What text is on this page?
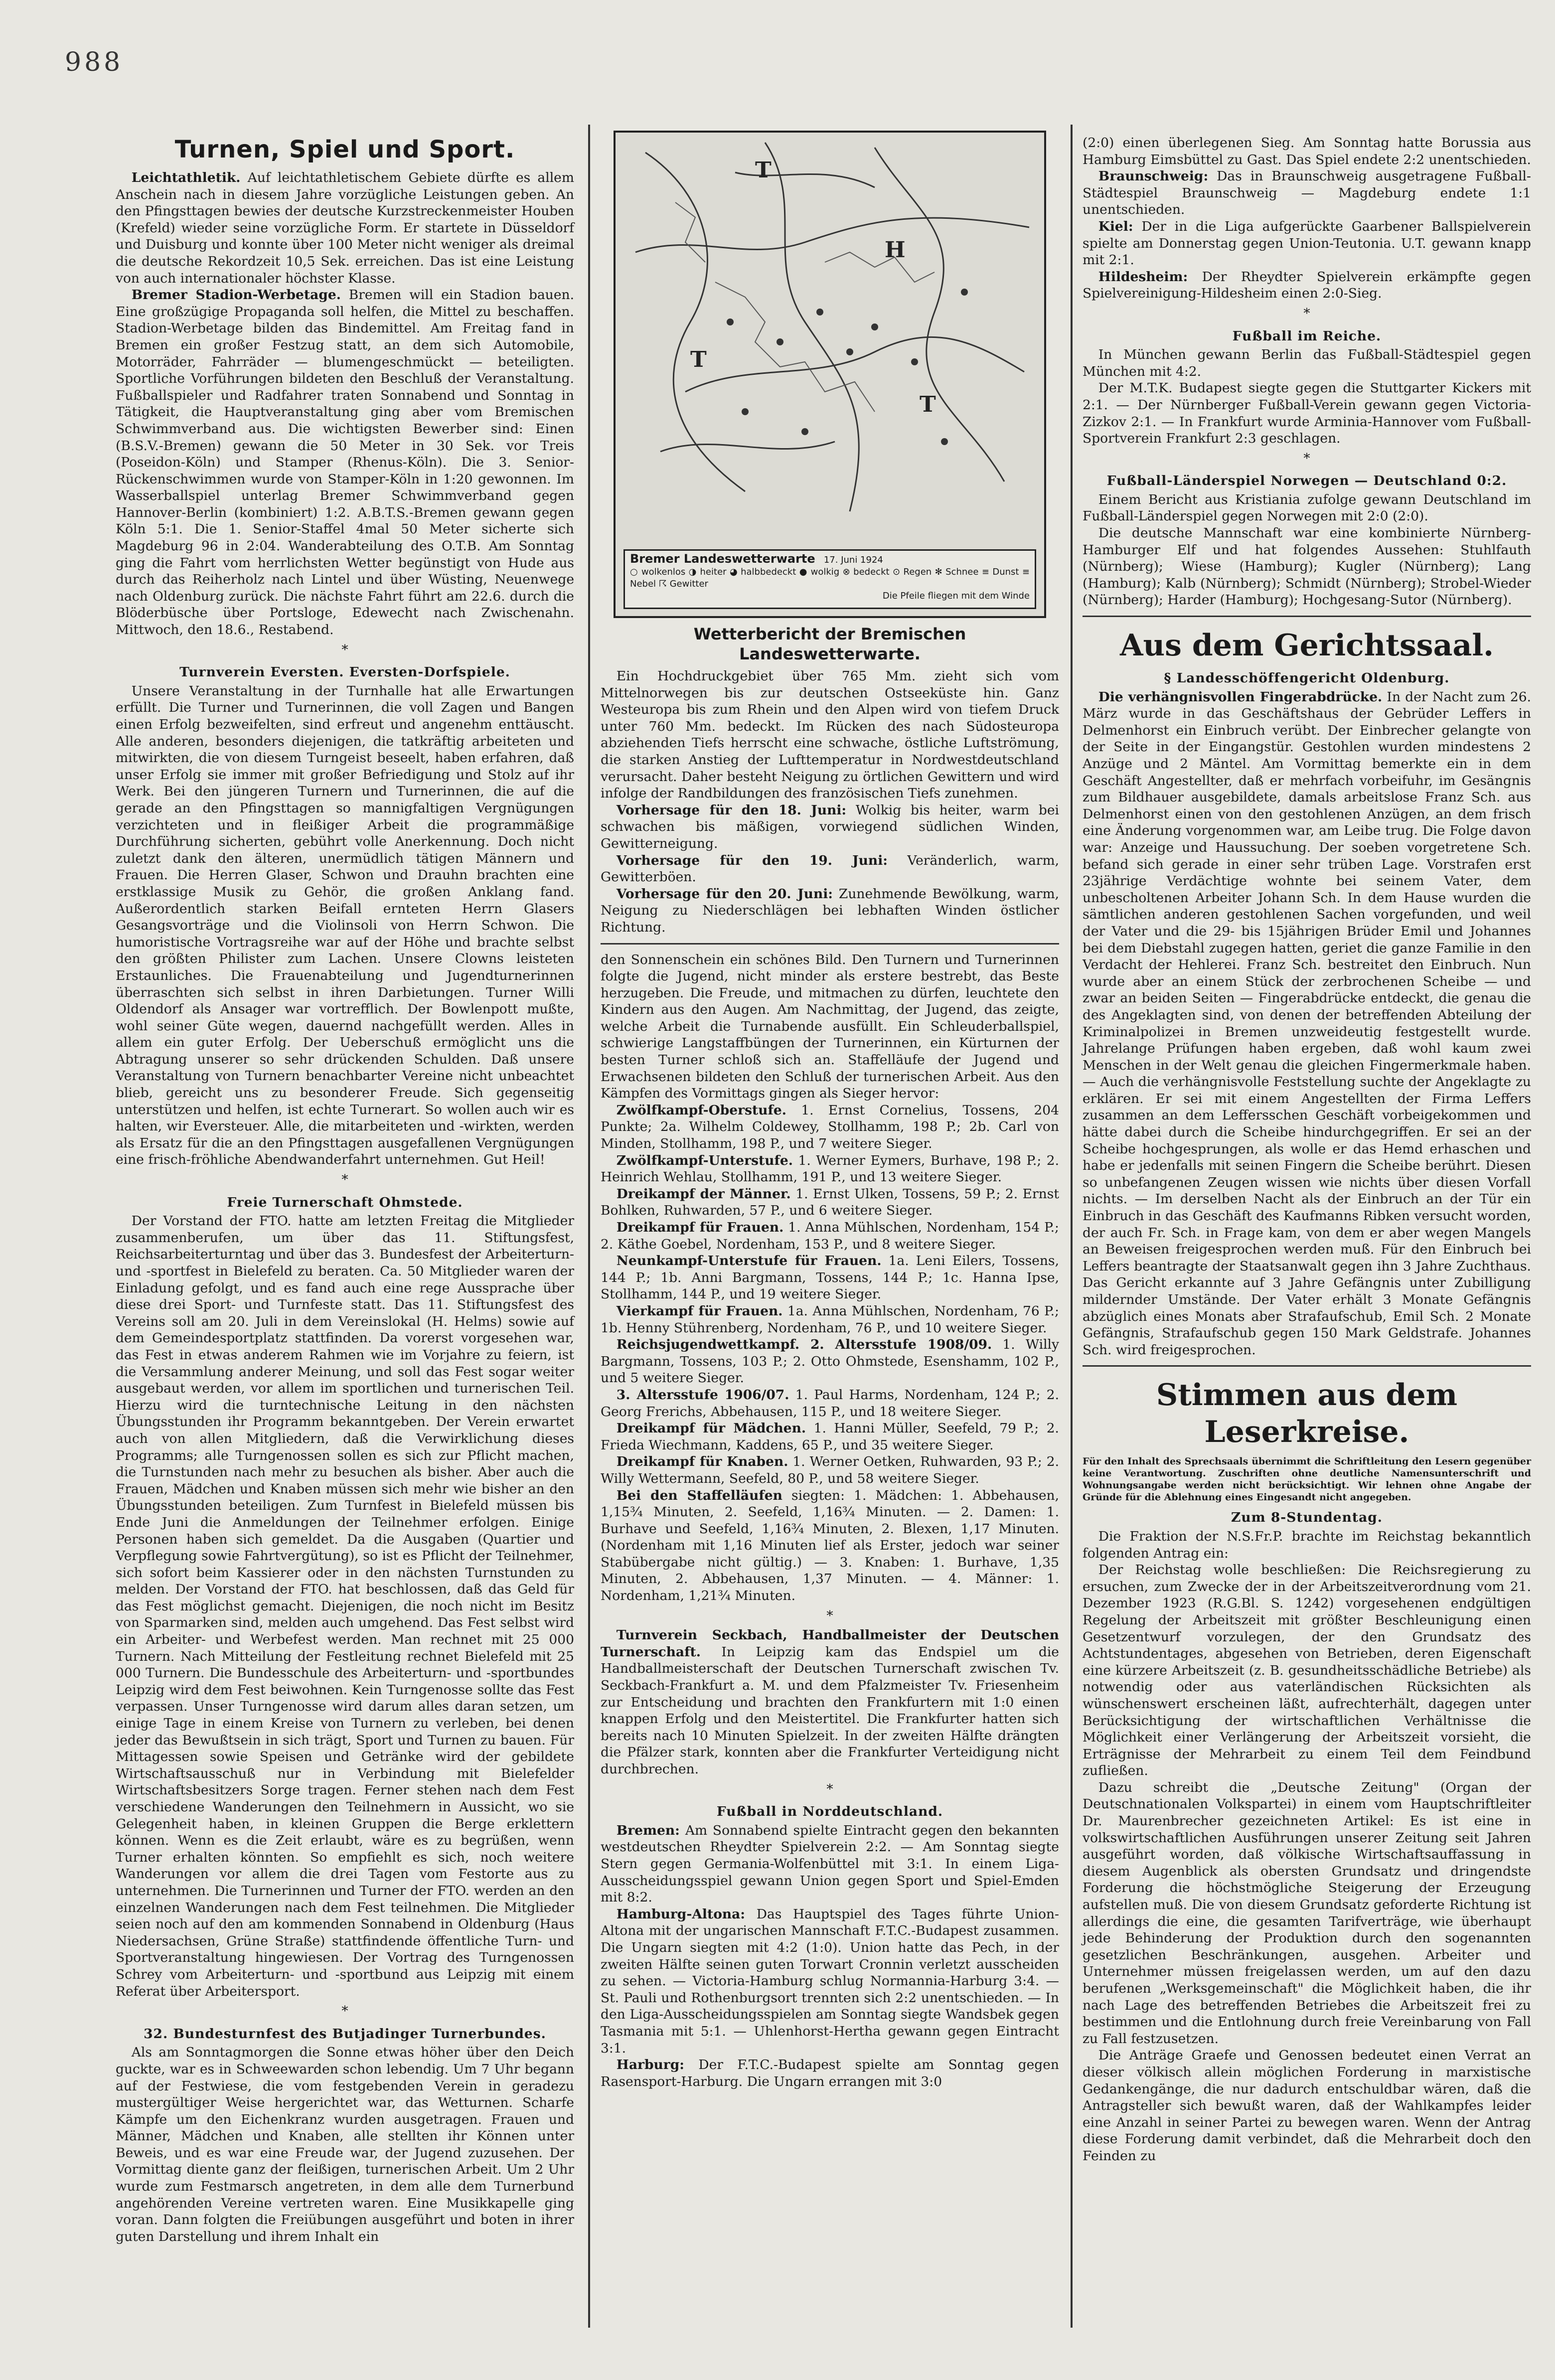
988
Turnen, Spiel und Sport.

Leichtathletik. Auf leichtathletischem Gebiete dürfte es allem Anschein nach in diesem Jahre vorzügliche Leistungen geben. An den Pfingsttagen bewies der deutsche Kurzstreckenmeister Houben (Krefeld) wieder seine vorzügliche Form. Er startete in Düsseldorf und Duisburg und konnte über 100 Meter nicht weniger als dreimal die deutsche Rekordzeit 10,5 Sek. erreichen. Das ist eine Leistung von auch internationaler höchster Klasse.

Bremer Stadion-Werbetage. Bremen will ein Stadion bauen. Eine großzügige Propaganda soll helfen, die Mittel zu beschaffen. Stadion-Werbetage bilden das Bindemittel. Am Freitag fand in Bremen ein großer Festzug statt, an dem sich Automobile, Motorräder, Fahrräder — blumengeschmückt — beteiligten. Sportliche Vorführungen bildeten den Beschluß der Veranstaltung. Fußballspieler und Radfahrer traten Sonnabend und Sonntag in Tätigkeit, die Hauptveranstaltung ging aber vom Bremischen Schwimmverband aus. Die wichtigsten Bewerber sind: Einen (B.S.V.-Bremen) gewann die 50 Meter in 30 Sek. vor Treis (Poseidon-Köln) und Stamper (Rhenus-Köln). Die 3. Senior-Rückenschwimmen wurde von Stamper-Köln in 1:20 gewonnen. Im Wasserballspiel unterlag Bremer Schwimmverband gegen Hannover-Berlin (kombiniert) 1:2. A.B.T.S.-Bremen gewann gegen Köln 5:1. Die 1. Senior-Staffel 4mal 50 Meter sicherte sich Magdeburg 96 in 2:04. Wanderabteilung des O.T.B. Am Sonntag ging die Fahrt vom herrlichsten Wetter begünstigt von Hude aus durch das Reiherholz nach Lintel und über Wüsting, Neuenwege nach Oldenburg zurück. Die nächste Fahrt führt am 22.6. durch die Blöderbüsche über Portsloge, Edewecht nach Zwischenahn. Mittwoch, den 18.6., Restabend.

*
Turnverein Eversten. Eversten-Dorfspiele.

Unsere Veranstaltung in der Turnhalle hat alle Erwartungen erfüllt. Die Turner und Turnerinnen, die voll Zagen und Bangen einen Erfolg bezweifelten, sind erfreut und angenehm enttäuscht. Alle anderen, besonders diejenigen, die tatkräftig arbeiteten und mitwirkten, die von diesem Turngeist beseelt, haben erfahren, daß unser Erfolg sie immer mit großer Befriedigung und Stolz auf ihr Werk. Bei den jüngeren Turnern und Turnerinnen, die auf die gerade an den Pfingsttagen so mannigfaltigen Vergnügungen verzichteten und in fleißiger Arbeit die programmäßige Durchführung sicherten, gebührt volle Anerkennung. Doch nicht zuletzt dank den älteren, unermüdlich tätigen Männern und Frauen. Die Herren Glaser, Schwon und Drauhn brachten eine erstklassige Musik zu Gehör, die großen Anklang fand. Außerordentlich starken Beifall ernteten Herrn Glasers Gesangsvorträge und die Violinsoli von Herrn Schwon. Die humoristische Vortragsreihe war auf der Höhe und brachte selbst den größten Philister zum Lachen. Unsere Clowns leisteten Erstaunliches. Die Frauenabteilung und Jugendturnerinnen überraschten sich selbst in ihren Darbietungen. Turner Willi Oldendorf als Ansager war vortrefflich. Der Bowlenpott mußte, wohl seiner Güte wegen, dauernd nachgefüllt werden. Alles in allem ein guter Erfolg. Der Ueberschuß ermöglicht uns die Abtragung unserer so sehr drückenden Schulden. Daß unsere Veranstaltung von Turnern benachbarter Vereine nicht unbeachtet blieb, gereicht uns zu besonderer Freude. Sich gegenseitig unterstützen und helfen, ist echte Turnerart. So wollen auch wir es halten, wir Eversteuer. Alle, die mitarbeiteten und -wirkten, werden als Ersatz für die an den Pfingsttagen ausgefallenen Vergnügungen eine frisch-fröhliche Abendwanderfahrt unternehmen. Gut Heil!

*
Freie Turnerschaft Ohmstede.

Der Vorstand der FTO. hatte am letzten Freitag die Mitglieder zusammenberufen, um über das 11. Stiftungsfest, Reichsarbeiterturntag und über das 3. Bundesfest der Arbeiterturn- und -sportfest in Bielefeld zu beraten. Ca. 50 Mitglieder waren der Einladung gefolgt, und es fand auch eine rege Aussprache über diese drei Sport- und Turnfeste statt. Das 11. Stiftungsfest des Vereins soll am 20. Juli in dem Vereinslokal (H. Helms) sowie auf dem Gemeindesportplatz stattfinden. Da vorerst vorgesehen war, das Fest in etwas anderem Rahmen wie im Vorjahre zu feiern, ist die Versammlung anderer Meinung, und soll das Fest sogar weiter ausgebaut werden, vor allem im sportlichen und turnerischen Teil. Hierzu wird die turntechnische Leitung in den nächsten Übungsstunden ihr Programm bekanntgeben. Der Verein erwartet auch von allen Mitgliedern, daß die Verwirklichung dieses Programms; alle Turngenossen sollen es sich zur Pflicht machen, die Turnstunden nach mehr zu besuchen als bisher. Aber auch die Frauen, Mädchen und Knaben müssen sich mehr wie bisher an den Übungsstunden beteiligen. Zum Turnfest in Bielefeld müssen bis Ende Juni die Anmeldungen der Teilnehmer erfolgen. Einige Personen haben sich gemeldet. Da die Ausgaben (Quartier und Verpflegung sowie Fahrtvergütung), so ist es Pflicht der Teilnehmer, sich sofort beim Kassierer oder in den nächsten Turnstunden zu melden. Der Vorstand der FTO. hat beschlossen, daß das Geld für das Fest möglichst gemacht. Diejenigen, die noch nicht im Besitz von Sparmarken sind, melden auch umgehend. Das Fest selbst wird ein Arbeiter- und Werbefest werden. Man rechnet mit 25 000 Turnern. Nach Mitteilung der Festleitung rechnet Bielefeld mit 25 000 Turnern. Die Bundesschule des Arbeiterturn- und -sportbundes Leipzig wird dem Fest beiwohnen. Kein Turngenosse sollte das Fest verpassen. Unser Turngenosse wird darum alles daran setzen, um einige Tage in einem Kreise von Turnern zu verleben, bei denen jeder das Bewußtsein in sich trägt, Sport und Turnen zu bauen. Für Mittagessen sowie Speisen und Getränke wird der gebildete Wirtschaftsausschuß nur in Verbindung mit Bielefelder Wirtschaftsbesitzers Sorge tragen. Ferner stehen nach dem Fest verschiedene Wanderungen den Teilnehmern in Aussicht, wo sie Gelegenheit haben, in kleinen Gruppen die Berge erklettern können. Wenn es die Zeit erlaubt, wäre es zu begrüßen, wenn Turner erhalten könnten. So empfiehlt es sich, noch weitere Wanderungen vor allem die drei Tagen vom Festorte aus zu unternehmen. Die Turnerinnen und Turner der FTO. werden an den einzelnen Wanderungen nach dem Fest teilnehmen. Die Mitglieder seien noch auf den am kommenden Sonnabend in Oldenburg (Haus Niedersachsen, Grüne Straße) stattfindende öffentliche Turn- und Sportveranstaltung hingewiesen. Der Vortrag des Turngenossen Schrey vom Arbeiterturn- und -sportbund aus Leipzig mit einem Referat über Arbeitersport.

*
32. Bundesturnfest des Butjadinger Turnerbundes.

Als am Sonntagmorgen die Sonne etwas höher über den Deich guckte, war es in Schweewarden schon lebendig. Um 7 Uhr begann auf der Festwiese, die vom festgebenden Verein in geradezu mustergültiger Weise hergerichtet war, das Wetturnen. Scharfe Kämpfe um den Eichenkranz wurden ausgetragen. Frauen und Männer, Mädchen und Knaben, alle stellten ihr Können unter Beweis, und es war eine Freude war, der Jugend zuzusehen. Der Vormittag diente ganz der fleißigen, turnerischen Arbeit. Um 2 Uhr wurde zum Festmarsch angetreten, in dem alle dem Turnerbund angehörenden Vereine vertreten waren. Eine Musikkapelle ging voran. Dann folgten die Freiübungen ausgeführt und boten in ihrer guten Darstellung und ihrem Inhalt ein

T
T
T
H
Bremer Landeswetterwarte 17. Juni 1924
○ wolkenlos ◑ heiter ◕ halbbedeckt ● wolkig ⊗ bedeckt ⊙ Regen ✻ Schnee ≡ Dunst ≡ Nebel ☈ Gewitter
Die Pfeile fliegen mit dem Winde
Wetterbericht der Bremischen Landeswetterwarte.

Ein Hochdruckgebiet über 765 Mm. zieht sich vom Mittelnorwegen bis zur deutschen Ostseeküste hin. Ganz Westeuropa bis zum Rhein und den Alpen wird von tiefem Druck unter 760 Mm. bedeckt. Im Rücken des nach Südosteuropa abziehenden Tiefs herrscht eine schwache, östliche Luftströmung, die starken Anstieg der Lufttemperatur in Nordwestdeutschland verursacht. Daher besteht Neigung zu örtlichen Gewittern und wird infolge der Randbildungen des französischen Tiefs zunehmen.

Vorhersage für den 18. Juni: Wolkig bis heiter, warm bei schwachen bis mäßigen, vorwiegend südlichen Winden, Gewitterneigung.

Vorhersage für den 19. Juni: Veränderlich, warm, Gewitterböen.

Vorhersage für den 20. Juni: Zunehmende Bewölkung, warm, Neigung zu Niederschlägen bei lebhaften Winden östlicher Richtung.

den Sonnenschein ein schönes Bild. Den Turnern und Turnerinnen folgte die Jugend, nicht minder als erstere bestrebt, das Beste herzugeben. Die Freude, und mitmachen zu dürfen, leuchtete den Kindern aus den Augen. Am Nachmittag, der Jugend, das zeigte, welche Arbeit die Turnabende ausfüllt. Ein Schleuderballspiel, schwierige Langstaffbüngen der Turnerinnen, ein Kürturnen der besten Turner schloß sich an. Staffelläufe der Jugend und Erwachsenen bildeten den Schluß der turnerischen Arbeit. Aus den Kämpfen des Vormittags gingen als Sieger hervor:

Zwölfkampf-Oberstufe. 1. Ernst Cornelius, Tossens, 204 Punkte; 2a. Wilhelm Coldewey, Stollhamm, 198 P.; 2b. Carl von Minden, Stollhamm, 198 P., und 7 weitere Sieger.

Zwölfkampf-Unterstufe. 1. Werner Eymers, Burhave, 198 P.; 2. Heinrich Wehlau, Stollhamm, 191 P., und 13 weitere Sieger.

Dreikampf der Männer. 1. Ernst Ulken, Tossens, 59 P.; 2. Ernst Bohlken, Ruhwarden, 57 P., und 6 weitere Sieger.

Dreikampf für Frauen. 1. Anna Mühlschen, Nordenham, 154 P.; 2. Käthe Goebel, Nordenham, 153 P., und 8 weitere Sieger.

Neunkampf-Unterstufe für Frauen. 1a. Leni Eilers, Tossens, 144 P.; 1b. Anni Bargmann, Tossens, 144 P.; 1c. Hanna Ipse, Stollhamm, 144 P., und 19 weitere Sieger.

Vierkampf für Frauen. 1a. Anna Mühlschen, Nordenham, 76 P.; 1b. Henny Stührenberg, Nordenham, 76 P., und 10 weitere Sieger.

Reichsjugendwettkampf. 2. Altersstufe 1908/09. 1. Willy Bargmann, Tossens, 103 P.; 2. Otto Ohmstede, Esenshamm, 102 P., und 5 weitere Sieger.

3. Altersstufe 1906/07. 1. Paul Harms, Nordenham, 124 P.; 2. Georg Frerichs, Abbehausen, 115 P., und 18 weitere Sieger.

Dreikampf für Mädchen. 1. Hanni Müller, Seefeld, 79 P.; 2. Frieda Wiechmann, Kaddens, 65 P., und 35 weitere Sieger.

Dreikampf für Knaben. 1. Werner Oetken, Ruhwarden, 93 P.; 2. Willy Wettermann, Seefeld, 80 P., und 58 weitere Sieger.

Bei den Staffelläufen siegten: 1. Mädchen: 1. Abbehausen, 1,15¾ Minuten, 2. Seefeld, 1,16¾ Minuten. — 2. Damen: 1. Burhave und Seefeld, 1,16¾ Minuten, 2. Blexen, 1,17 Minuten. (Nordenham mit 1,16 Minuten lief als Erster, jedoch war seiner Stabübergabe nicht gültig.) — 3. Knaben: 1. Burhave, 1,35 Minuten, 2. Abbehausen, 1,37 Minuten. — 4. Männer: 1. Nordenham, 1,21¾ Minuten.

*

Turnverein Seckbach, Handballmeister der Deutschen Turnerschaft. In Leipzig kam das Endspiel um die Handballmeisterschaft der Deutschen Turnerschaft zwischen Tv. Seckbach-Frankfurt a. M. und dem Pfalzmeister Tv. Friesenheim zur Entscheidung und brachten den Frankfurtern mit 1:0 einen knappen Erfolg und den Meistertitel. Die Frankfurter hatten sich bereits nach 10 Minuten Spielzeit. In der zweiten Hälfte drängten die Pfälzer stark, konnten aber die Frankfurter Verteidigung nicht durchbrechen.

*
Fußball in Norddeutschland.

Bremen: Am Sonnabend spielte Eintracht gegen den bekannten westdeutschen Rheydter Spielverein 2:2. — Am Sonntag siegte Stern gegen Germania-Wolfenbüttel mit 3:1. In einem Liga-Ausscheidungsspiel gewann Union gegen Sport und Spiel-Emden mit 8:2.

Hamburg-Altona: Das Hauptspiel des Tages führte Union-Altona mit der ungarischen Mannschaft F.T.C.-Budapest zusammen. Die Ungarn siegten mit 4:2 (1:0). Union hatte das Pech, in der zweiten Hälfte seinen guten Torwart Cronnin verletzt ausscheiden zu sehen. — Victoria-Hamburg schlug Normannia-Harburg 3:4. — St. Pauli und Rothenburgsort trennten sich 2:2 unentschieden. — In den Liga-Ausscheidungsspielen am Sonntag siegte Wandsbek gegen Tasmania mit 5:1. — Uhlenhorst-Hertha gewann gegen Eintracht 3:1.

Harburg: Der F.T.C.-Budapest spielte am Sonntag gegen Rasensport-Harburg. Die Ungarn errangen mit 3:0

(2:0) einen überlegenen Sieg. Am Sonntag hatte Borussia aus Hamburg Eimsbüttel zu Gast. Das Spiel endete 2:2 unentschieden.

Braunschweig: Das in Braunschweig ausgetragene Fußball-Städtespiel Braunschweig — Magdeburg endete 1:1 unentschieden.

Kiel: Der in die Liga aufgerückte Gaarbener Ballspielverein spielte am Donnerstag gegen Union-Teutonia. U.T. gewann knapp mit 2:1.

Hildesheim: Der Rheydter Spielverein erkämpfte gegen Spielvereinigung-Hildesheim einen 2:0-Sieg.

*
Fußball im Reiche.

In München gewann Berlin das Fußball-Städtespiel gegen München mit 4:2.

Der M.T.K. Budapest siegte gegen die Stuttgarter Kickers mit 2:1. — Der Nürnberger Fußball-Verein gewann gegen Victoria-Zizkov 2:1. — In Frankfurt wurde Arminia-Hannover vom Fußball-Sportverein Frankfurt 2:3 geschlagen.

*
Fußball-Länderspiel Norwegen — Deutschland 0:2.

Einem Bericht aus Kristiania zufolge gewann Deutschland im Fußball-Länderspiel gegen Norwegen mit 2:0 (2:0).

Die deutsche Mannschaft war eine kombinierte Nürnberg-Hamburger Elf und hat folgendes Aussehen: Stuhlfauth (Nürnberg); Wiese (Hamburg); Kugler (Nürnberg); Lang (Hamburg); Kalb (Nürnberg); Schmidt (Nürnberg); Strobel-Wieder (Nürnberg); Harder (Hamburg); Hochgesang-Sutor (Nürnberg).

Aus dem Gerichtssaal.
§ Landesschöffengericht Oldenburg.

Die verhängnisvollen Fingerabdrücke. In der Nacht zum 26. März wurde in das Geschäftshaus der Gebrüder Leffers in Delmenhorst ein Einbruch verübt. Der Einbrecher gelangte von der Seite in der Eingangstür. Gestohlen wurden mindestens 2 Anzüge und 2 Mäntel. Am Vormittag bemerkte ein in dem Geschäft Angestellter, daß er mehrfach vorbeifuhr, im Gesängnis zum Bildhauer ausgebildete, damals arbeitslose Franz Sch. aus Delmenhorst einen von den gestohlenen Anzügen, an dem frisch eine Änderung vorgenommen war, am Leibe trug. Die Folge davon war: Anzeige und Haussuchung. Der soeben vorgetretene Sch. befand sich gerade in einer sehr trüben Lage. Vorstrafen erst 23jährige Verdächtige wohnte bei seinem Vater, dem unbescholtenen Arbeiter Johann Sch. In dem Hause wurden die sämtlichen anderen gestohlenen Sachen vorgefunden, und weil der Vater und die 29- bis 15jährigen Brüder Emil und Johannes bei dem Diebstahl zugegen hatten, geriet die ganze Familie in den Verdacht der Hehlerei. Franz Sch. bestreitet den Einbruch. Nun wurde aber an einem Stück der zerbrochenen Scheibe — und zwar an beiden Seiten — Fingerabdrücke entdeckt, die genau die des Angeklagten sind, von denen der betreffenden Abteilung der Kriminalpolizei in Bremen unzweideutig festgestellt wurde. Jahrelange Prüfungen haben ergeben, daß wohl kaum zwei Menschen in der Welt genau die gleichen Fingermerkmale haben. — Auch die verhängnisvolle Feststellung suchte der Angeklagte zu erklären. Er sei mit einem Angestellten der Firma Leffers zusammen an dem Leffersschen Geschäft vorbeigekommen und hätte dabei durch die Scheibe hindurchgegriffen. Er sei an der Scheibe hochgesprungen, als wolle er das Hemd erhaschen und habe er jedenfalls mit seinen Fingern die Scheibe berührt. Diesen so unbefangenen Zeugen wissen wie nichts über diesen Vorfall nichts. — Im derselben Nacht als der Einbruch an der Tür ein Einbruch in das Geschäft des Kaufmanns Ribken versucht worden, der auch Fr. Sch. in Frage kam, von dem er aber wegen Mangels an Beweisen freigesprochen werden muß. Für den Einbruch bei Leffers beantragte der Staatsanwalt gegen ihn 3 Jahre Zuchthaus. Das Gericht erkannte auf 3 Jahre Gefängnis unter Zubilligung mildernder Umstände. Der Vater erhält 3 Monate Gefängnis abzüglich eines Monats aber Strafaufschub, Emil Sch. 2 Monate Gefängnis, Strafaufschub gegen 150 Mark Geldstrafe. Johannes Sch. wird freigesprochen.

Stimmen aus dem Leserkreise.

Für den Inhalt des Sprechsaals übernimmt die Schriftleitung den Lesern gegenüber keine Verantwortung. Zuschriften ohne deutliche Namensunterschrift und Wohnungsangabe werden nicht berücksichtigt. Wir lehnen ohne Angabe der Gründe für die Ablehnung eines Eingesandt nicht angegeben.

Zum 8-Stundentag.

Die Fraktion der N.S.Fr.P. brachte im Reichstag bekanntlich folgenden Antrag ein:

Der Reichstag wolle beschließen: Die Reichsregierung zu ersuchen, zum Zwecke der in der Arbeitszeitverordnung vom 21. Dezember 1923 (R.G.Bl. S. 1242) vorgesehenen endgültigen Regelung der Arbeitszeit mit größter Beschleunigung einen Gesetzentwurf vorzulegen, der den Grundsatz des Achtstundentages, abgesehen von Betrieben, deren Eigenschaft eine kürzere Arbeitszeit (z. B. gesundheitsschädliche Betriebe) als notwendig oder aus vaterländischen Rücksichten als wünschenswert erscheinen läßt, aufrechterhält, dagegen unter Berücksichtigung der wirtschaftlichen Verhältnisse die Möglichkeit einer Verlängerung der Arbeitszeit vorsieht, die Erträgnisse der Mehrarbeit zu einem Teil dem Feindbund zufließen.

Dazu schreibt die „Deutsche Zeitung" (Organ der Deutschnationalen Volkspartei) in einem vom Hauptschriftleiter Dr. Maurenbrecher gezeichneten Artikel: Es ist eine in volkswirtschaftlichen Ausführungen unserer Zeitung seit Jahren ausgeführt worden, daß völkische Wirtschaftsauffassung in diesem Augenblick als obersten Grundsatz und dringendste Forderung die höchstmögliche Steigerung der Erzeugung aufstellen muß. Die von diesem Grundsatz geforderte Richtung ist allerdings die eine, die gesamten Tarifverträge, wie überhaupt jede Behinderung der Produktion durch den sogenannten gesetzlichen Beschränkungen, ausgehen. Arbeiter und Unternehmer müssen freigelassen werden, um auf den dazu berufenen „Werksgemeinschaft" die Möglichkeit haben, die ihr nach Lage des betreffenden Betriebes die Arbeitszeit frei zu bestimmen und die Entlohnung durch freie Vereinbarung von Fall zu Fall festzusetzen.

Die Anträge Graefe und Genossen bedeutet einen Verrat an dieser völkisch allein möglichen Forderung in marxistische Gedankengänge, die nur dadurch entschuldbar wären, daß die Antragsteller sich bewußt waren, daß der Wahlkampfes leider eine Anzahl in seiner Partei zu bewegen waren. Wenn der Antrag diese Forderung damit verbindet, daß die Mehrarbeit doch den Feinden zu
